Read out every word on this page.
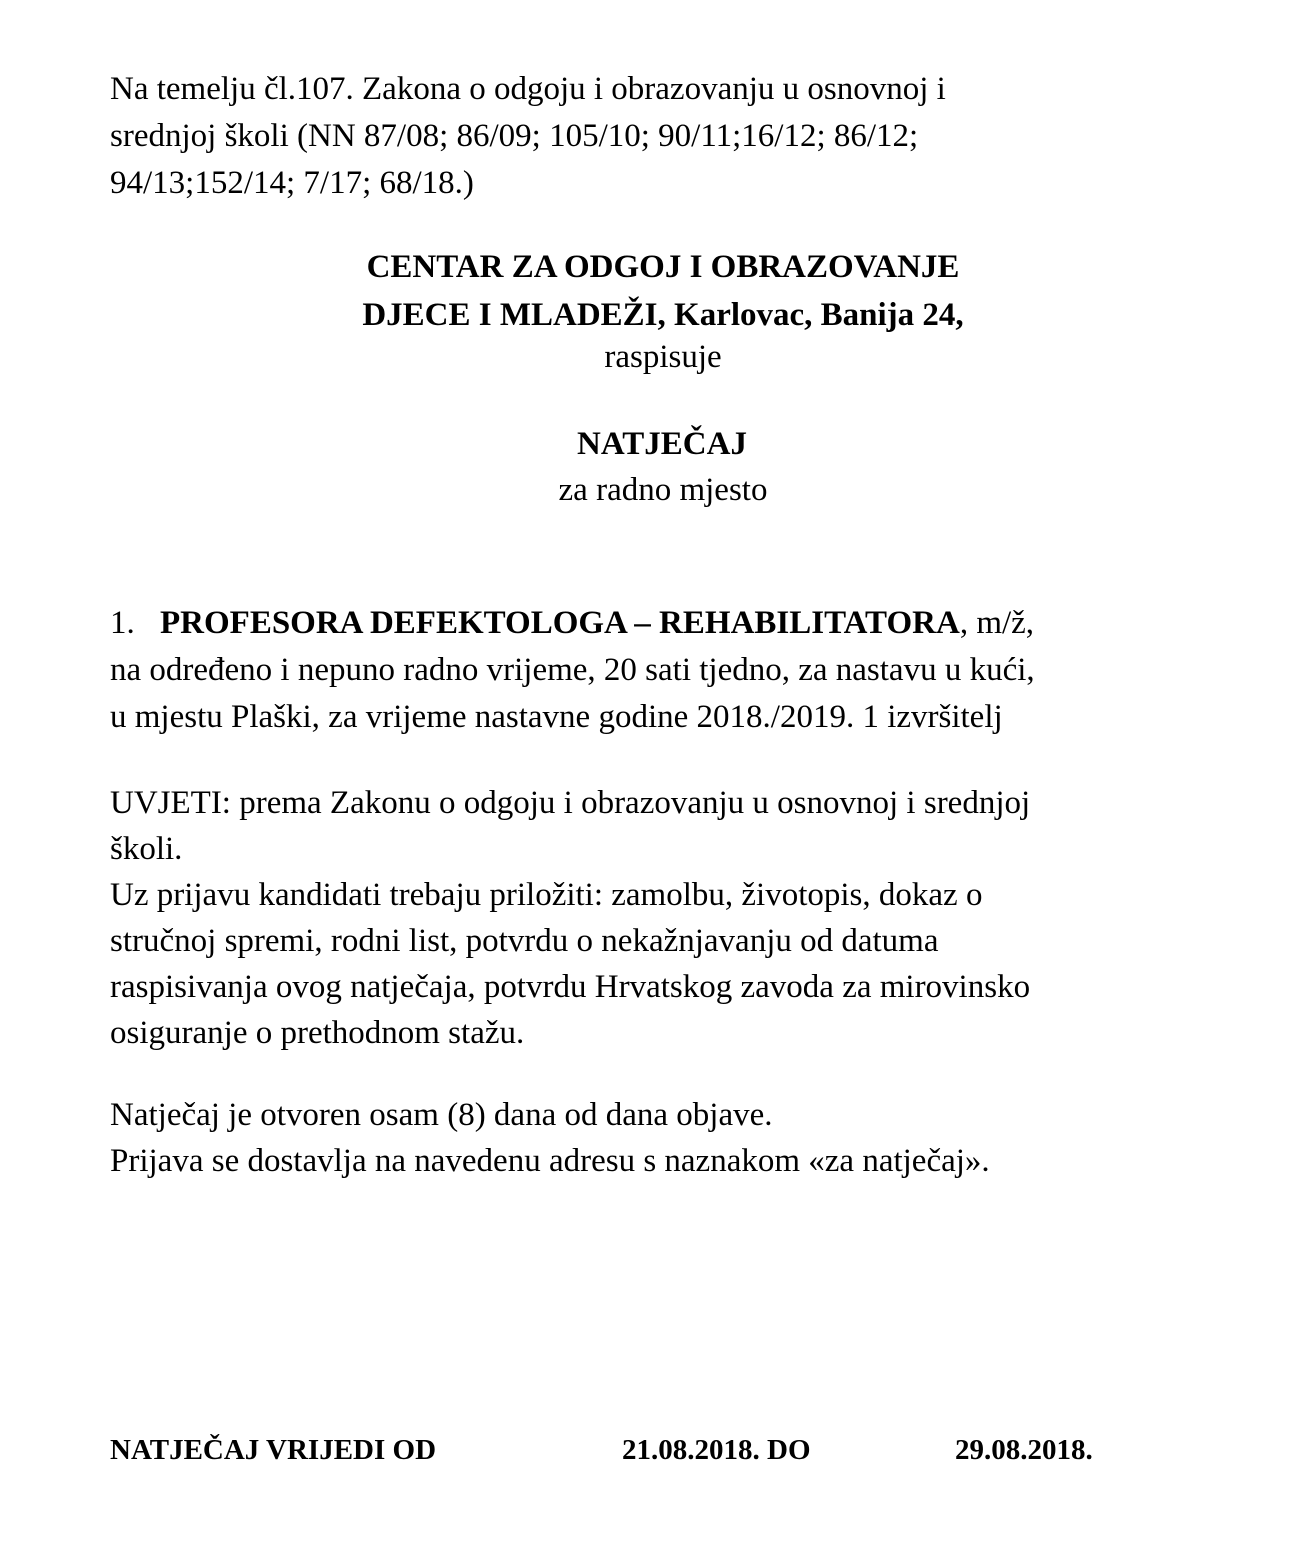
Na temelju čl.107. Zakona o odgoju i obrazovanju u osnovnoj i
srednjoj školi (NN 87/08; 86/09; 105/10; 90/11;16/12; 86/12;
94/13;152/14; 7/17; 68/18.)
CENTAR ZA ODGOJ I OBRAZOVANJE
DJECE I MLADEŽI, Karlovac, Banija 24,
raspisuje
NATJEČAJ
za radno mjesto
1. PROFESORA DEFEKTOLOGA – REHABILITATORA, m/ž,
na određeno i nepuno radno vrijeme, 20 sati tjedno, za nastavu u kući,
u mjestu Plaški, za vrijeme nastavne godine 2018./2019. 1 izvršitelj
UVJETI: prema Zakonu o odgoju i obrazovanju u osnovnoj i srednjoj
školi.
Uz prijavu kandidati trebaju priložiti: zamolbu, životopis, dokaz o
stručnoj spremi, rodni list, potvrdu o nekažnjavanju od datuma
raspisivanja ovog natječaja, potvrdu Hrvatskog zavoda za mirovinsko
osiguranje o prethodnom stažu.
Natječaj je otvoren osam (8) dana od dana objave.
Prijava se dostavlja na navedenu adresu s naznakom «za natječaj».
NATJEČAJ VRIJEDI OD	21.08.2018. DO	29.08.2018.
